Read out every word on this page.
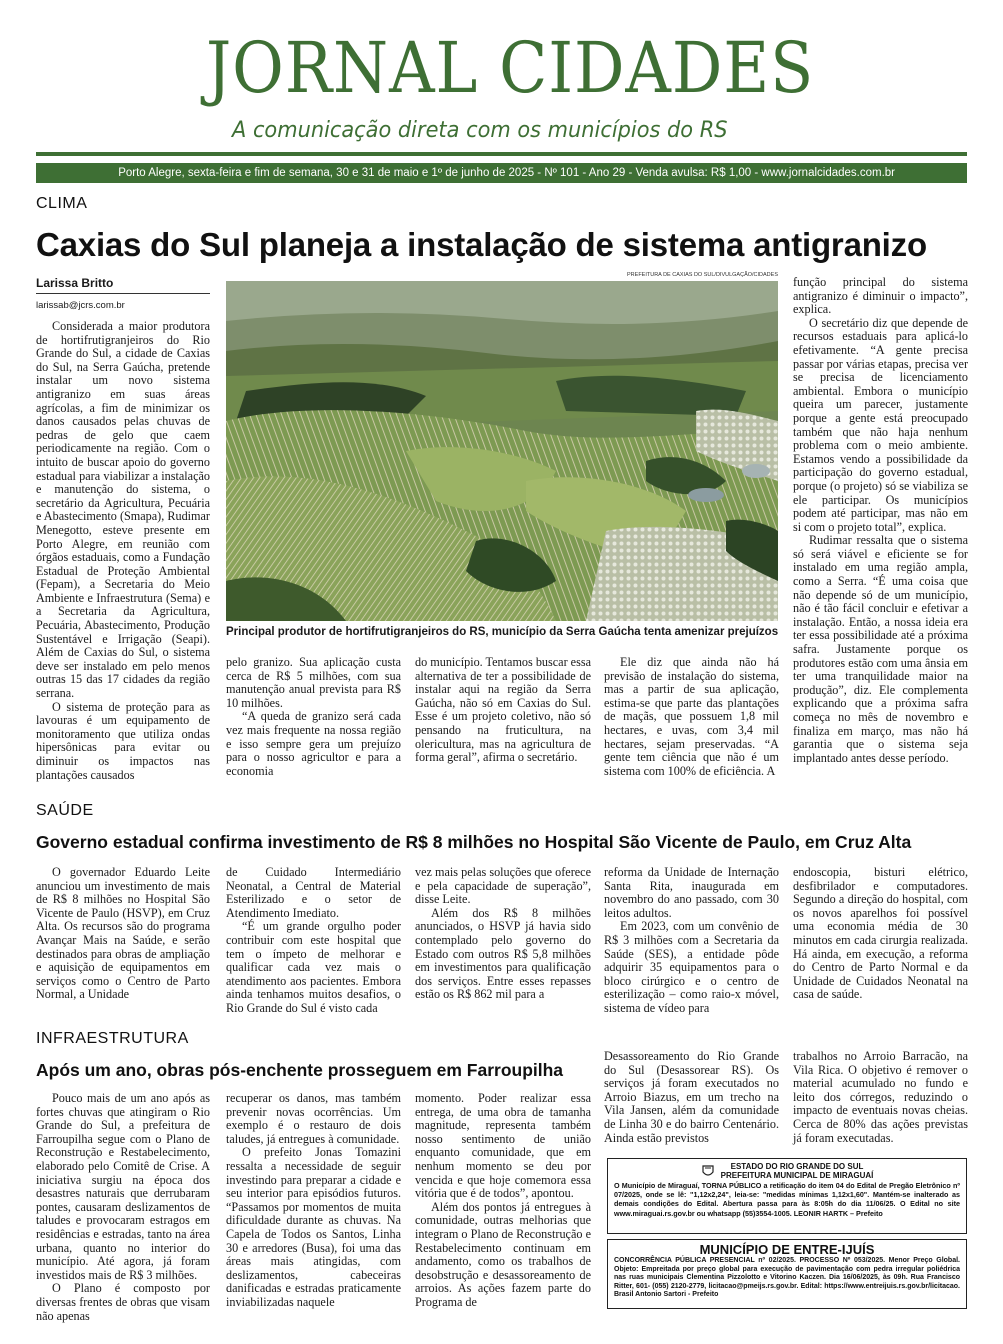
JORNAL CIDADES
A comunicação direta com os municípios do RS
Porto Alegre, sexta-feira e fim de semana, 30 e 31 de maio e 1º de junho de 2025 - Nº 101 - Ano 29 - Venda avulsa: R$ 1,00 - www.jornalcidades.com.br
CLIMA
Caxias do Sul planeja a instalação de sistema antigranizo
Larissa Britto
larissab@jcrs.com.br

Considerada a maior produtora de hortifrutigranjeiros do Rio Grande do Sul, a cidade de Caxias do Sul, na Serra Gaúcha, pretende instalar um novo sistema antigranizo em suas áreas agrícolas, a fim de minimizar os danos causados pelas chuvas de pedras de gelo que caem periodicamente na região. Com o intuito de buscar apoio do governo estadual para viabilizar a instalação e manutenção do sistema, o secretário da Agricultura, Pecuária e Abastecimento (Smapa), Rudimar Menegotto, esteve presente em Porto Alegre, em reunião com órgãos estaduais, como a Fundação Estadual de Proteção Ambiental (Fepam), a Secretaria do Meio Ambiente e Infraestrutura (Sema) e a Secretaria da Agricultura, Pecuária, Abastecimento, Produção Sustentável e Irrigação (Seapi). Além de Caxias do Sul, o sistema deve ser instalado em pelo menos outras 15 das 17 cidades da região serrana.

O sistema de proteção para as lavouras é um equipamento de monitoramento que utiliza ondas hipersônicas para evitar ou diminuir os impactos nas plantações causados

PREFEITURA DE CAXIAS DO SUL/DIVULGAÇÃO/CIDADES
Principal produtor de hortifrutigranjeiros do RS, município da Serra Gaúcha tenta amenizar prejuízos

pelo granizo. Sua aplicação custa cerca de R$ 5 milhões, com sua manutenção anual prevista para R$ 10 milhões.

“A queda de granizo será cada vez mais frequente na nossa região e isso sempre gera um prejuízo para o nosso agricultor e para a economia

do município. Tentamos buscar essa alternativa de ter a possibilidade de instalar aqui na região da Serra Gaúcha, não só em Caxias do Sul. Esse é um projeto coletivo, não só pensando na fruticultura, na olericultura, mas na agricultura de forma geral”, afirma o secretário.

Ele diz que ainda não há previsão de instalação do sistema, mas a partir de sua aplicação, estima-se que parte das plantações de maçãs, que possuem 1,8 mil hectares, e uvas, com 3,4 mil hectares, sejam preservadas. “A gente tem ciência que não é um sistema com 100% de eficiência. A

função principal do sistema antigranizo é diminuir o impacto”, explica.

O secretário diz que depende de recursos estaduais para aplicá-lo efetivamente. “A gente precisa passar por várias etapas, precisa ver se precisa de licenciamento ambiental. Embora o município queira um parecer, justamente porque a gente está preocupado também que não haja nenhum problema com o meio ambiente. Estamos vendo a possibilidade da participação do governo estadual, porque (o projeto) só se viabiliza se ele participar. Os municípios podem até participar, mas não em si com o projeto total”, explica.

Rudimar ressalta que o sistema só será viável e eficiente se for instalado em uma região ampla, como a Serra. “É uma coisa que não depende só de um município, não é tão fácil concluir e efetivar a instalação. Então, a nossa ideia era ter essa possibilidade até a próxima safra. Justamente porque os produtores estão com uma ânsia em ter uma tranquilidade maior na produção”, diz. Ele complementa explicando que a próxima safra começa no mês de novembro e finaliza em março, mas não há garantia que o sistema seja implantado antes desse período.

SAÚDE
Governo estadual confirma investimento de R$ 8 milhões no Hospital São Vicente de Paulo, em Cruz Alta

O governador Eduardo Leite anunciou um investimento de mais de R$ 8 milhões no Hospital São Vicente de Paulo (HSVP), em Cruz Alta. Os recursos são do programa Avançar Mais na Saúde, e serão destinados para obras de ampliação e aquisição de equipamentos em serviços como o Centro de Parto Normal, a Unidade

de Cuidado Intermediário Neonatal, a Central de Material Esterilizado e o setor de Atendimento Imediato.

“É um grande orgulho poder contribuir com este hospital que tem o ímpeto de melhorar e qualificar cada vez mais o atendimento aos pacientes. Embora ainda tenhamos muitos desafios, o Rio Grande do Sul é visto cada

vez mais pelas soluções que oferece e pela capacidade de superação”, disse Leite.

Além dos R$ 8 milhões anunciados, o HSVP já havia sido contemplado pelo governo do Estado com outros R$ 5,8 milhões em investimentos para qualificação dos serviços. Entre esses repasses estão os R$ 862 mil para a

reforma da Unidade de Internação Santa Rita, inaugurada em novembro do ano passado, com 30 leitos adultos.

Em 2023, com um convênio de R$ 3 milhões com a Secretaria da Saúde (SES), a entidade pôde adquirir 35 equipamentos para o bloco cirúrgico e o centro de esterilização – como raio-x móvel, sistema de vídeo para

endoscopia, bisturi elétrico, desfibrilador e computadores. Segundo a direção do hospital, com os novos aparelhos foi possível uma economia média de 30 minutos em cada cirurgia realizada. Há ainda, em execução, a reforma do Centro de Parto Normal e da Unidade de Cuidados Neonatal na casa de saúde.

INFRAESTRUTURA
Após um ano, obras pós-enchente prosseguem em Farroupilha

Pouco mais de um ano após as fortes chuvas que atingiram o Rio Grande do Sul, a prefeitura de Farroupilha segue com o Plano de Reconstrução e Restabelecimento, elaborado pelo Comitê de Crise. A iniciativa surgiu na época dos desastres naturais que derrubaram pontes, causaram deslizamentos de taludes e provocaram estragos em residências e estradas, tanto na área urbana, quanto no interior do município. Até agora, já foram investidos mais de R$ 3 milhões.

O Plano é composto por diversas frentes de obras que visam não apenas

recuperar os danos, mas também prevenir novas ocorrências. Um exemplo é o restauro de dois taludes, já entregues à comunidade.

O prefeito Jonas Tomazini ressalta a necessidade de seguir investindo para preparar a cidade e seu interior para episódios futuros. “Passamos por momentos de muita dificuldade durante as chuvas. Na Capela de Todos os Santos, Linha 30 e arredores (Busa), foi uma das áreas mais atingidas, com deslizamentos, cabeceiras danificadas e estradas praticamente inviabilizadas naquele

momento. Poder realizar essa entrega, de uma obra de tamanha magnitude, representa também nosso sentimento de união enquanto comunidade, que em nenhum momento se deu por vencida e que hoje comemora essa vitória que é de todos”, apontou.

Além dos pontos já entregues à comunidade, outras melhorias que integram o Plano de Reconstrução e Restabelecimento continuam em andamento, como os trabalhos de desobstrução e desassoreamento de arroios. As ações fazem parte do Programa de

Desassoreamento do Rio Grande do Sul (Desassorear RS). Os serviços já foram executados no Arroio Biazus, em um trecho na Vila Jansen, além da comunidade de Linha 30 e do bairro Centenário. Ainda estão previstos

trabalhos no Arroio Barracão, na Vila Rica. O objetivo é remover o material acumulado no fundo e leito dos córregos, reduzindo o impacto de eventuais novas cheias. Cerca de 80% das ações previstas já foram executadas.

ESTADO DO RIO GRANDE DO SUL
PREFEITURA MUNICIPAL DE MIRAGUAÍ
O Município de Miraguaí, TORNA PÚBLICO a retificação do item 04 do Edital de Pregão Eletrônico nº 07/2025, onde se lê: "1,12x2,24", leia-se: "medidas mínimas 1,12x1,60". Mantém-se inalterado as demais condições do Edital. Abertura passa para às 8:05h do dia 11/06/25. O Edital no site www.miraguai.rs.gov.br ou whatsapp (55)3554-1005. LEONIR HARTK – Prefeito
MUNICÍPIO DE ENTRE-IJUÍS
CONCORRÊNCIA PÚBLICA PRESENCIAL nº 02/2025. PROCESSO Nº 053/2025. Menor Preço Global. Objeto: Empreitada por preço global para execução de pavimentação com pedra irregular poliédrica nas ruas municipais Clementina Pizzolotto e Vitorino Kaczen. Dia 16/06/2025, às 09h. Rua Francisco Ritter, 601- (055) 2120-2779, licitacao@pmeijs.rs.gov.br. Edital: https://www.entreijuis.rs.gov.br/licitacao. Brasil Antonio Sartori - Prefeito
